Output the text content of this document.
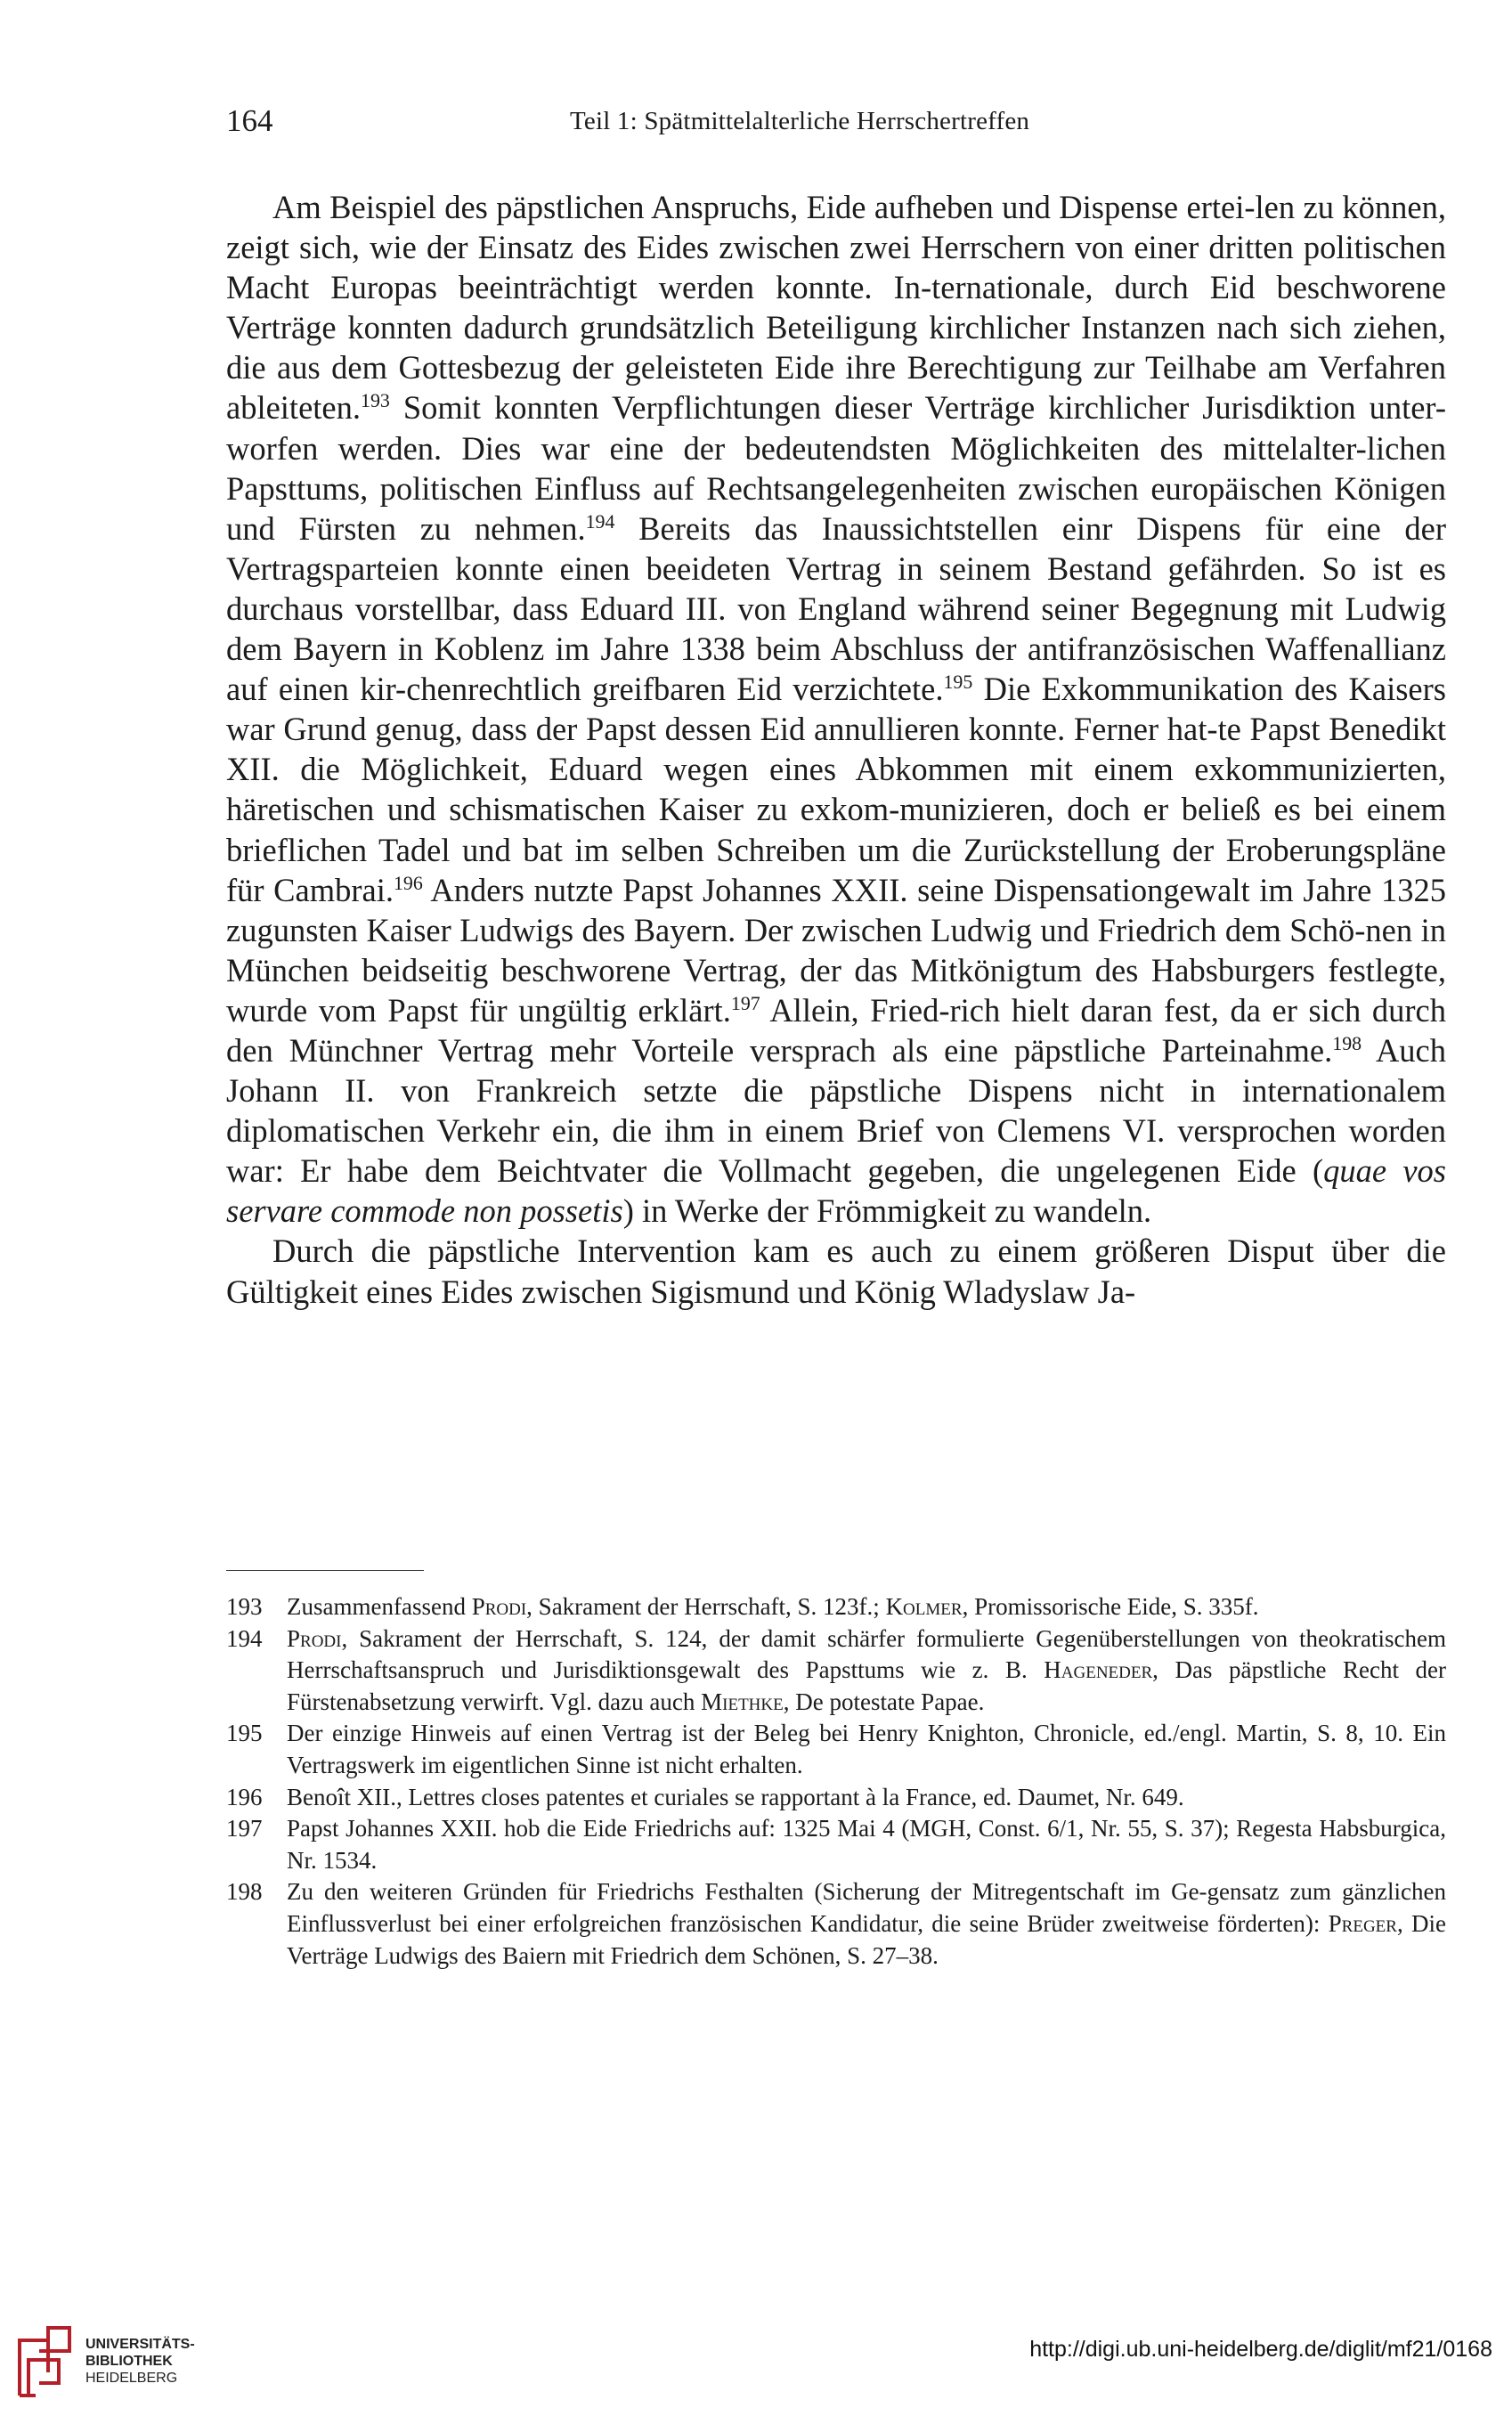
164	Teil 1: Spätmittelalterliche Herrschertreffen

Am Beispiel des päpstlichen Anspruchs, Eide aufheben und Dispense ertei-len zu können, zeigt sich, wie der Einsatz des Eides zwischen zwei Herrschern von einer dritten politischen Macht Europas beeinträchtigt werden konnte. In-ternationale, durch Eid beschworene Verträge konnten dadurch grundsätzlich Beteiligung kirchlicher Instanzen nach sich ziehen, die aus dem Gottesbezug der geleisteten Eide ihre Berechtigung zur Teilhabe am Verfahren ableiteten.$^{193}$ Somit konnten Verpflichtungen dieser Verträge kirchlicher Jurisdiktion unter-worfen werden. Dies war eine der bedeutendsten Möglichkeiten des mittelalter-lichen Papsttums, politischen Einfluss auf Rechtsangelegenheiten zwischen europäischen Königen und Fürsten zu nehmen.$^{194}$ Bereits das Inaussichtstellen einr Dispens für eine der Vertragsparteien konnte einen beeideten Vertrag in seinem Bestand gefährden. So ist es durchaus vorstellbar, dass Eduard III. von England während seiner Begegnung mit Ludwig dem Bayern in Koblenz im Jahre 1338 beim Abschluss der antifranzösischen Waffenallianz auf einen kir-chenrechtlich greifbaren Eid verzichtete.$^{195}$ Die Exkommunikation des Kaisers war Grund genug, dass der Papst dessen Eid annullieren konnte. Ferner hat-te Papst Benedikt XII. die Möglichkeit, Eduard wegen eines Abkommen mit einem exkommunizierten, häretischen und schismatischen Kaiser zu exkom-munizieren, doch er beließ es bei einem brieflichen Tadel und bat im selben Schreiben um die Zurückstellung der Eroberungspläne für Cambrai.$^{196}$ Anders nutzte Papst Johannes XXII. seine Dispensationgewalt im Jahre 1325 zugunsten Kaiser Ludwigs des Bayern. Der zwischen Ludwig und Friedrich dem Schö-nen in München beidseitig beschworene Vertrag, der das Mitkönigtum des Habsburgers festlegte, wurde vom Papst für ungültig erklärt.$^{197}$ Allein, Fried-rich hielt daran fest, da er sich durch den Münchner Vertrag mehr Vorteile versprach als eine päpstliche Parteinahme.$^{198}$ Auch Johann II. von Frankreich setzte die päpstliche Dispens nicht in internationalem diplomatischen Verkehr ein, die ihm in einem Brief von Clemens VI. versprochen worden war: Er habe dem Beichtvater die Vollmacht gegeben, die ungelegenen Eide (quae vos servare commode non possetis) in Werke der Frömmigkeit zu wandeln.

Durch die päpstliche Intervention kam es auch zu einem größeren Disput über die Gültigkeit eines Eides zwischen Sigismund und König Wladyslaw Ja-

193 Zusammenfassend Prodi, Sakrament der Herrschaft, S. 123f.; Kolmer, Promissorische Eide, S. 335f.
194 Prodi, Sakrament der Herrschaft, S. 124, der damit schärfer formulierte Gegenüberstellungen von theokratischem Herrschaftsanspruch und Jurisdiktionsgewalt des Papsttums wie z. B. Hageneder, Das päpstliche Recht der Fürstenabsetzung verwirft. Vgl. dazu auch Miethke, De potestate Papae.
195 Der einzige Hinweis auf einen Vertrag ist der Beleg bei Henry Knighton, Chronicle, ed./engl. Martin, S. 8, 10. Ein Vertragswerk im eigentlichen Sinne ist nicht erhalten.
196 Benoît XII., Lettres closes patentes et curiales se rapportant à la France, ed. Daumet, Nr. 649.
197 Papst Johannes XXII. hob die Eide Friedrichs auf: 1325 Mai 4 (MGH, Const. 6/1, Nr. 55, S. 37); Regesta Habsburgica, Nr. 1534.
198 Zu den weiteren Gründen für Friedrichs Festhalten (Sicherung der Mitregentschaft im Ge-gensatz zum gänzlichen Einflussverlust bei einer erfolgreichen französischen Kandidatur, die seine Brüder zweitweise förderten): Preger, Die Verträge Ludwigs des Baiern mit Friedrich dem Schönen, S. 27–38.
UNIVERSITÄTS-
BIBLIOTHEK
HEIDELBERG
http://digi.ub.uni-heidelberg.de/diglit/mf21/0168
